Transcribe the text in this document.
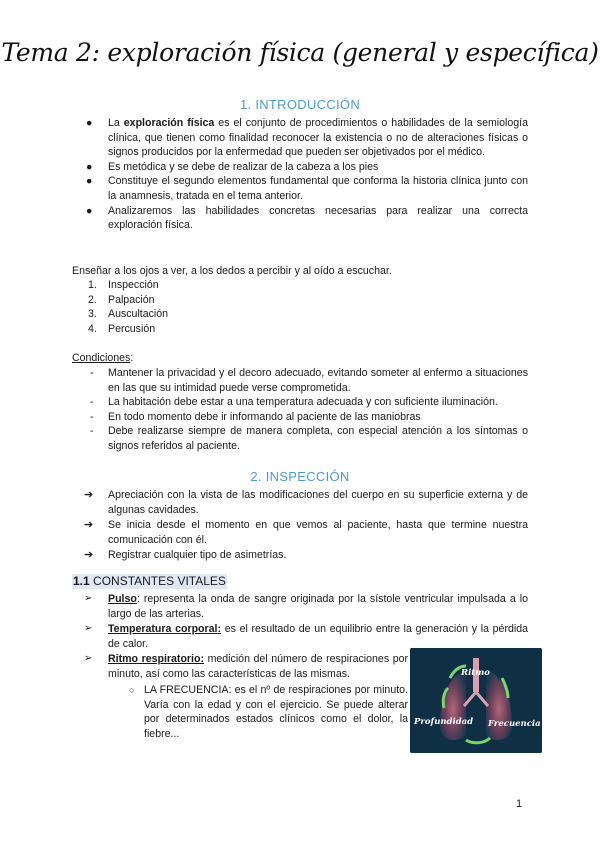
Tema 2: exploración física (general y específica)
1. INTRODUCCIÓN
●	La exploración física es el conjunto de procedimientos o habilidades de la semiología clínica, que tienen como finalidad reconocer la existencia o no de alteraciones físicas o signos producidos por la enfermedad que pueden ser objetivados por el médico.
●	Es metódica y se debe de realizar de la cabeza a los pies
●	Constituye el segundo elementos fundamental que conforma la historia clínica junto con la anamnesis, tratada en el tema anterior.
●	Analizaremos las habilidades concretas necesarias para realizar una correcta exploración física.
Enseñar a los ojos a ver, a los dedos a percibir y al oído a escuchar.
1.	Inspección
2.	Palpación
3.	Auscultación
4.	Percusión
Condiciones:
-	Mantener la privacidad y el decoro adecuado, evitando someter al enfermo a situaciones en las que su intimidad puede verse comprometida.
-	La habitación debe estar a una temperatura adecuada y con suficiente iluminación.
-	En todo momento debe ir informando al paciente de las maniobras
-	Debe realizarse siempre de manera completa, con especial atención a los síntomas o signos referidos al paciente.
2. INSPECCIÓN
➔	Apreciación con la vista de las modificaciones del cuerpo en su superficie externa y de algunas cavidades.
➔	Se inicia desde el momento en que vemos al paciente, hasta que termine nuestra comunicación con él.
➔	Registrar cualquier tipo de asimetrías.
1.1 CONSTANTES VITALES
➢	Pulso: representa la onda de sangre originada por la sístole ventricular impulsada a lo largo de las arterias.
➢	Temperatura corporal: es el resultado de un equilibrio entre la generación y la pérdida de calor.
➢	Ritmo respiratorio: medición del número de respiraciones por minuto, así como las características de las mismas.
○ LA FRECUENCIA: es el nº de respiraciones por minuto. Varía con la edad y con el ejercicio. Se puede alterar por determinados estados clínicos como el dolor, la fiebre...
Ritmo
Profundidad Frecuencia
1
